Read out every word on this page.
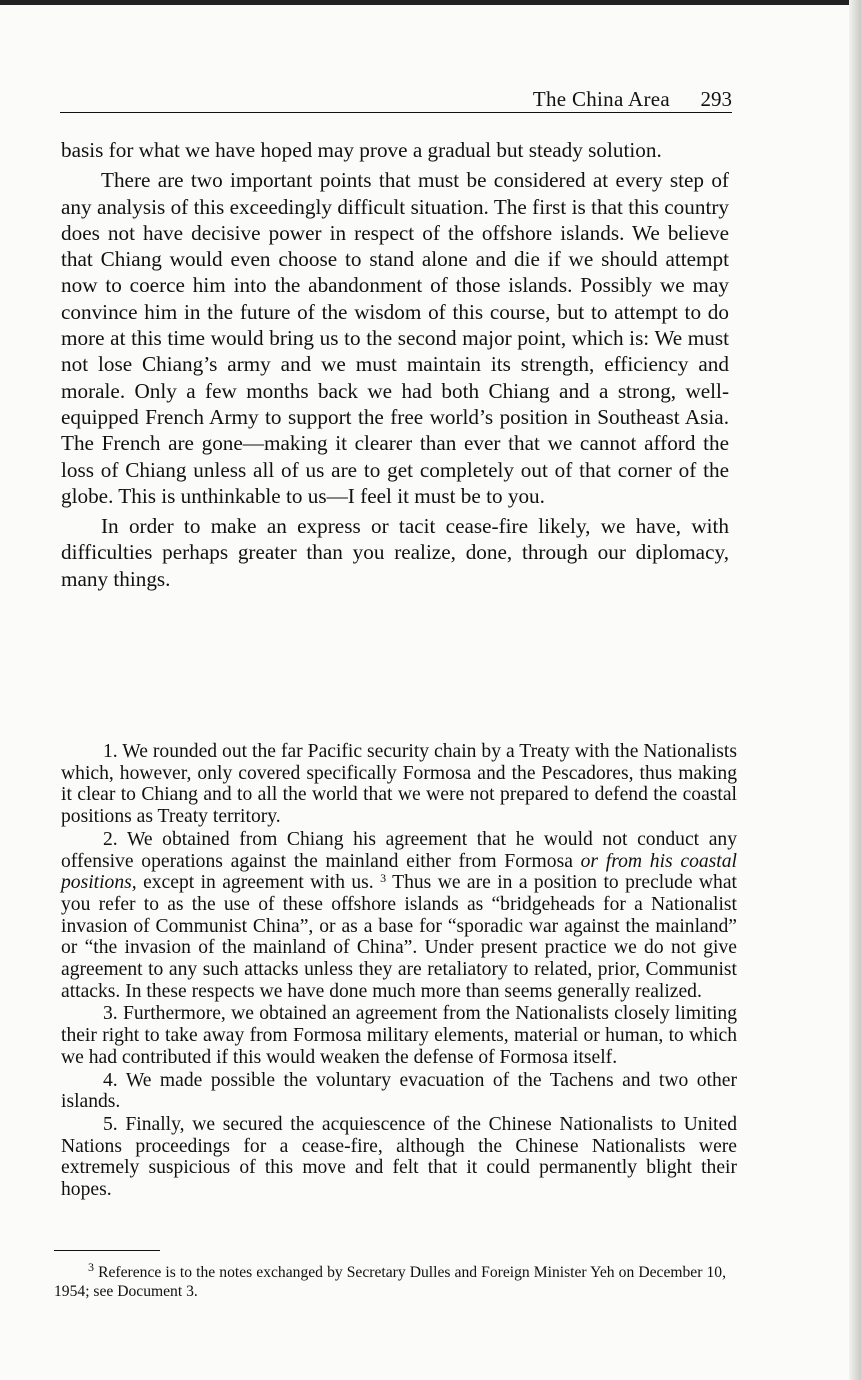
The China Area 293

basis for what we have hoped may prove a gradual but steady solution.

There are two important points that must be considered at every step of any analysis of this exceedingly difficult situation. The first is that this country does not have decisive power in respect of the offshore islands. We believe that Chiang would even choose to stand alone and die if we should attempt now to coerce him into the abandonment of those islands. Possibly we may convince him in the future of the wisdom of this course, but to attempt to do more at this time would bring us to the second major point, which is: We must not lose Chiang’s army and we must maintain its strength, efficiency and morale. Only a few months back we had both Chiang and a strong, well-equipped French Army to support the free world’s position in Southeast Asia. The French are gone—making it clearer than ever that we cannot afford the loss of Chiang unless all of us are to get completely out of that corner of the globe. This is unthinkable to us—I feel it must be to you.

In order to make an express or tacit cease-fire likely, we have, with difficulties perhaps greater than you realize, done, through our diplomacy, many things.

1. We rounded out the far Pacific security chain by a Treaty with the Nationalists which, however, only covered specifically Formosa and the Pescadores, thus making it clear to Chiang and to all the world that we were not prepared to defend the coastal positions as Treaty territory.

2. We obtained from Chiang his agreement that he would not conduct any offensive operations against the mainland either from Formosa or from his coastal positions, except in agreement with us. $^3$ Thus we are in a position to preclude what you refer to as the use of these offshore islands as “bridgeheads for a Nationalist invasion of Communist China”, or as a base for “sporadic war against the mainland” or “the invasion of the mainland of China”. Under present practice we do not give agreement to any such attacks unless they are retaliatory to related, prior, Communist attacks. In these respects we have done much more than seems generally realized.

3. Furthermore, we obtained an agreement from the Nationalists closely limiting their right to take away from Formosa military elements, material or human, to which we had contributed if this would weaken the defense of Formosa itself.

4. We made possible the voluntary evacuation of the Tachens and two other islands.

5. Finally, we secured the acquiescence of the Chinese Nationalists to United Nations proceedings for a cease-fire, although the Chinese Nationalists were extremely suspicious of this move and felt that it could permanently blight their hopes.

$^3$ Reference is to the notes exchanged by Secretary Dulles and Foreign Minister Yeh on December 10, 1954; see Document 3.
